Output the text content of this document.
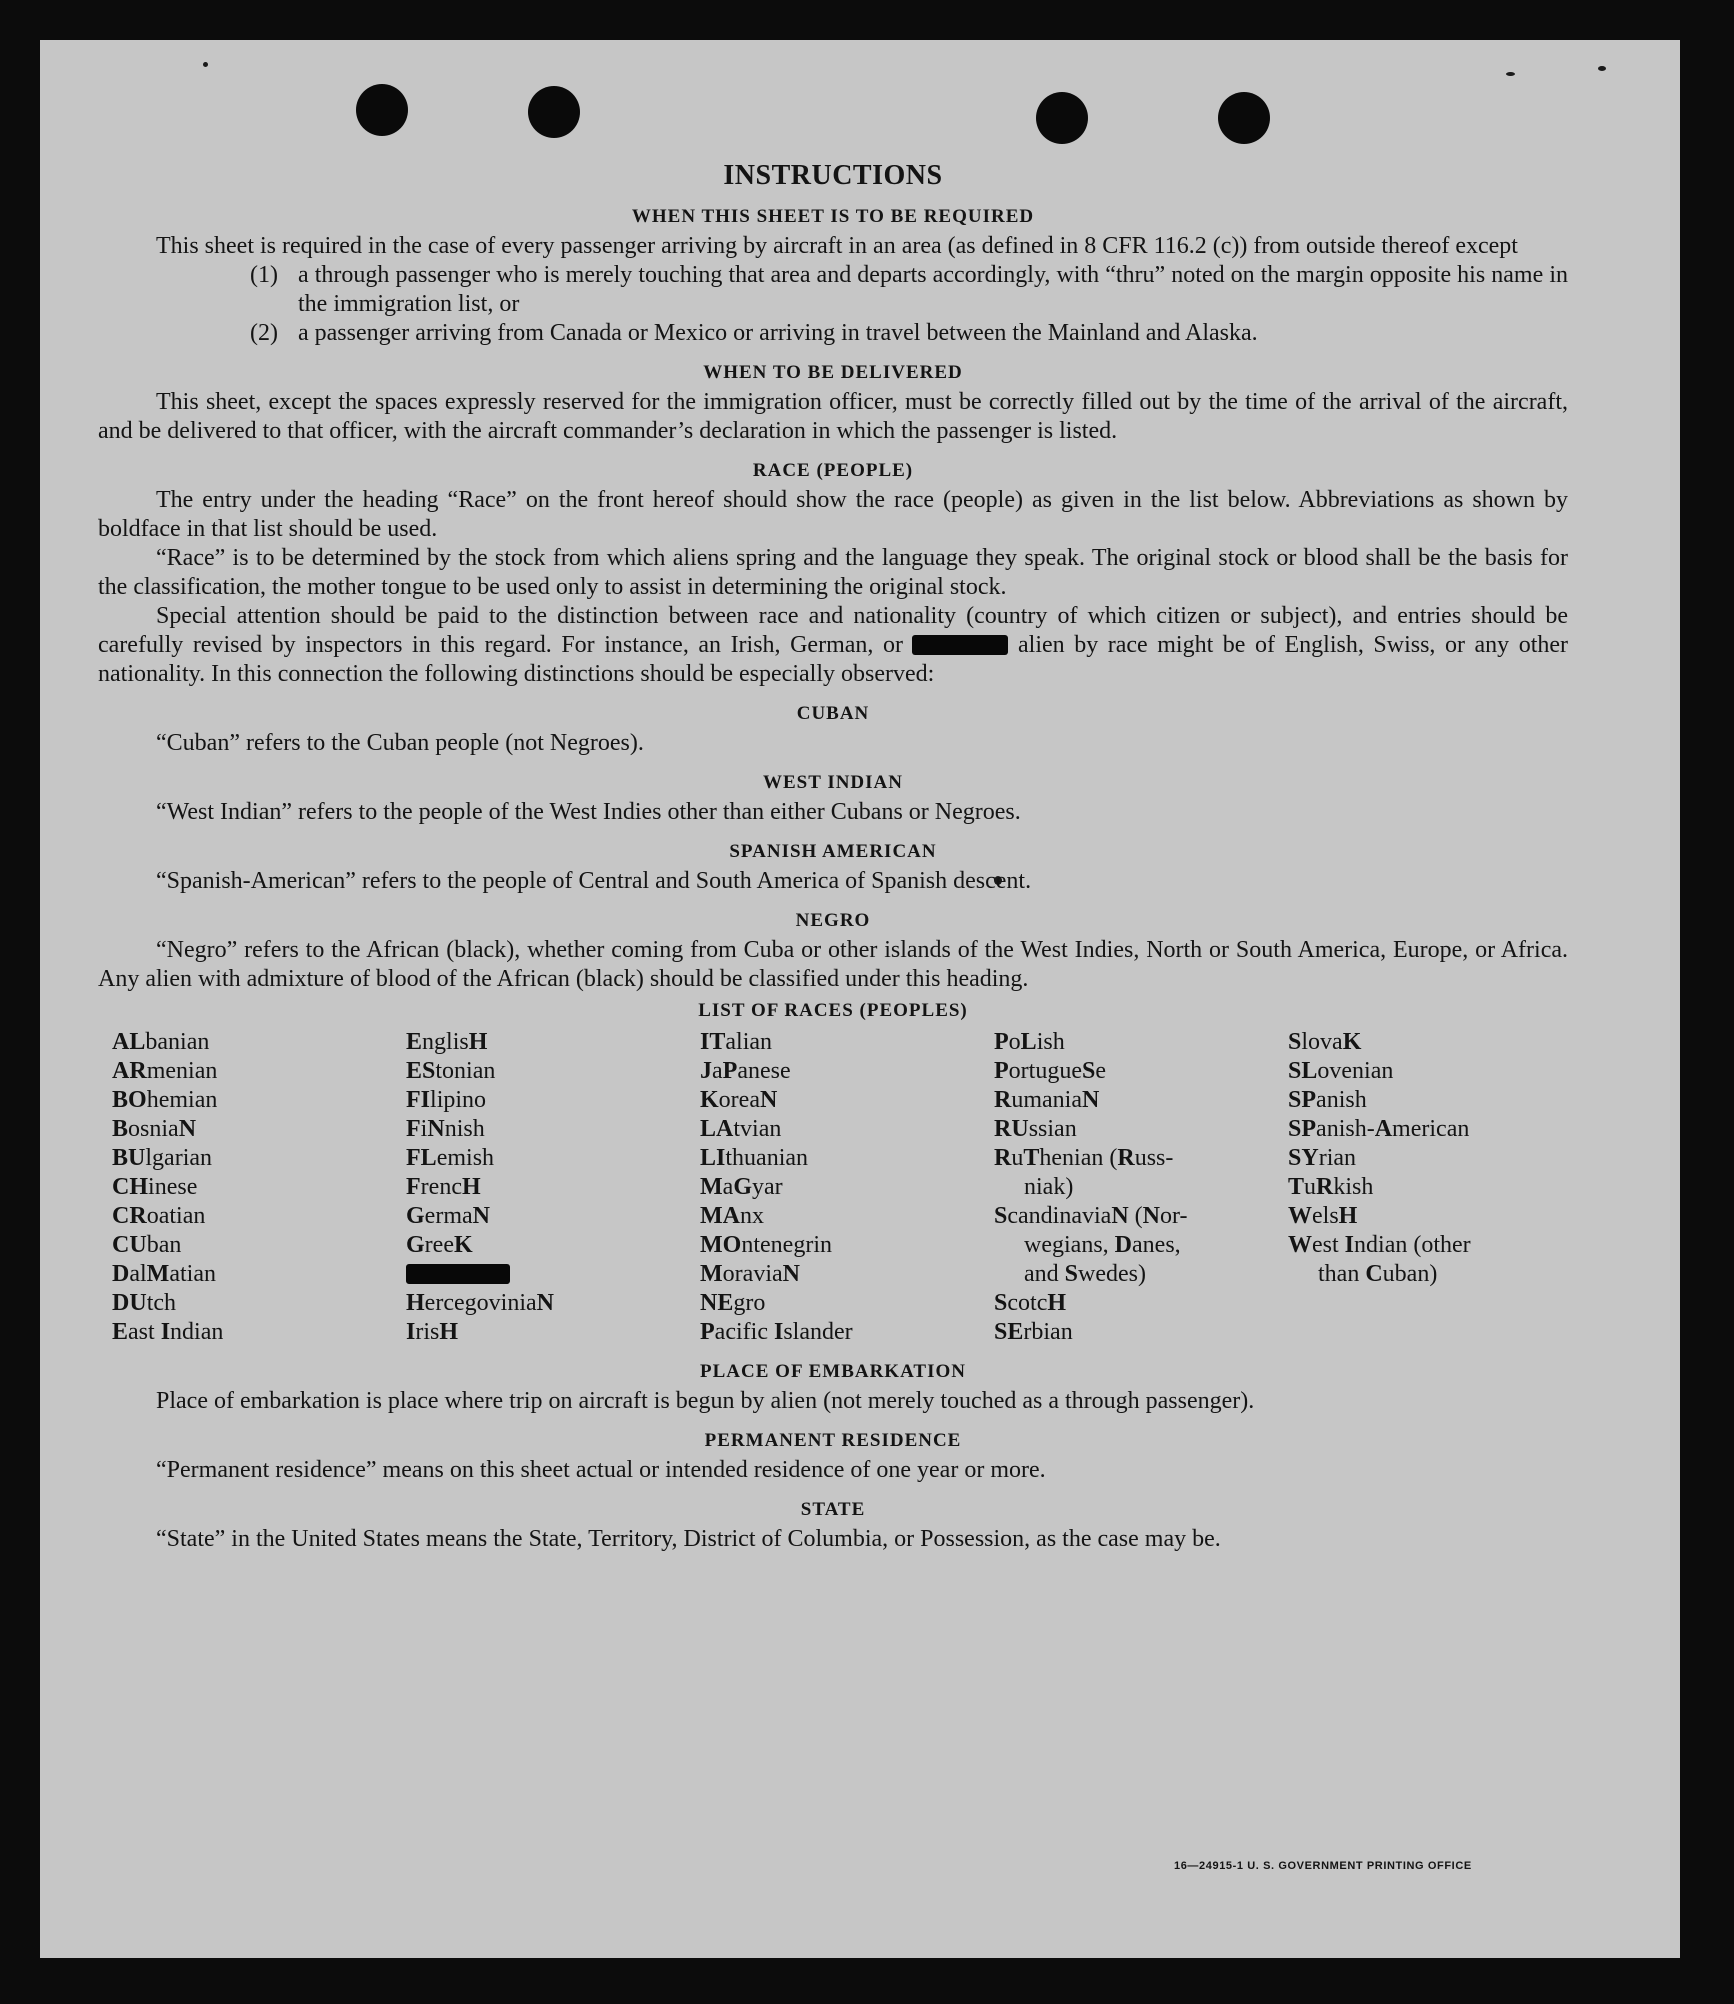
INSTRUCTIONS
WHEN THIS SHEET IS TO BE REQUIRED

This sheet is required in the case of every passenger arriving by aircraft in an area (as defined in 8 CFR 116.2 (c)) from outside thereof except

(1) a through passenger who is merely touching that area and departs accordingly, with “thru” noted on the margin opposite his name in the immigration list, or
(2) a passenger arriving from Canada or Mexico or arriving in travel between the Mainland and Alaska.
WHEN TO BE DELIVERED

This sheet, except the spaces expressly reserved for the immigration officer, must be correctly filled out by the time of the arrival of the aircraft, and be delivered to that officer, with the aircraft commander’s declaration in which the passenger is listed.

RACE (PEOPLE)

The entry under the heading “Race” on the front hereof should show the race (people) as given in the list below. Abbreviations as shown by boldface in that list should be used.

“Race” is to be determined by the stock from which aliens spring and the language they speak. The original stock or blood shall be the basis for the classification, the mother tongue to be used only to assist in determining the original stock.

Special attention should be paid to the distinction between race and nationality (country of which citizen or subject), and entries should be carefully revised by inspectors in this regard. For instance, an Irish, German, or	alien by race might be of English, Swiss, or any other nationality. In this connection the following distinctions should be especially observed:

CUBAN

“Cuban” refers to the Cuban people (not Negroes).

WEST INDIAN

“West Indian” refers to the people of the West Indies other than either Cubans or Negroes.

SPANISH AMERICAN

“Spanish-American” refers to the people of Central and South America of Spanish descent.

NEGRO

“Negro” refers to the African (black), whether coming from Cuba or other islands of the West Indies, North or South America, Europe, or Africa. Any alien with admixture of blood of the African (black) should be classified under this heading.

LIST OF RACES (PEOPLES)
ALbanian
ARmenian
BOhemian
BosniaN
BUlgarian
CHinese
CRoatian
CUban
DalMatian
DUtch
East Indian
EnglisH
EStonian
FIlipino
FiNnish
FLemish
FrencH
GermaN
GreeK
HercegoviniaN
IrisH
ITalian
JaPanese
KoreaN
LAtvian
LIthuanian
MaGyar
MAnx
MOntenegrin
MoraviaN
NEgro
Pacific Islander
PoLish
PortugueSe
RumaniaN
RUssian
RuThenian (Russ-
niak)
ScandinaviaN (Nor-
wegians, Danes,
and Swedes)
ScotcH
SErbian
SlovaK
SLovenian
SPanish
SPanish-American
SYrian
TuRkish
WelsH
West Indian (other
than Cuban)

PLACE OF EMBARKATION

Place of embarkation is place where trip on aircraft is begun by alien (not merely touched as a through passenger).

PERMANENT RESIDENCE

“Permanent residence” means on this sheet actual or intended residence of one year or more.

STATE

“State” in the United States means the State, Territory, District of Columbia, or Possession, as the case may be.

16—24915-1 U. S. GOVERNMENT PRINTING OFFICE
